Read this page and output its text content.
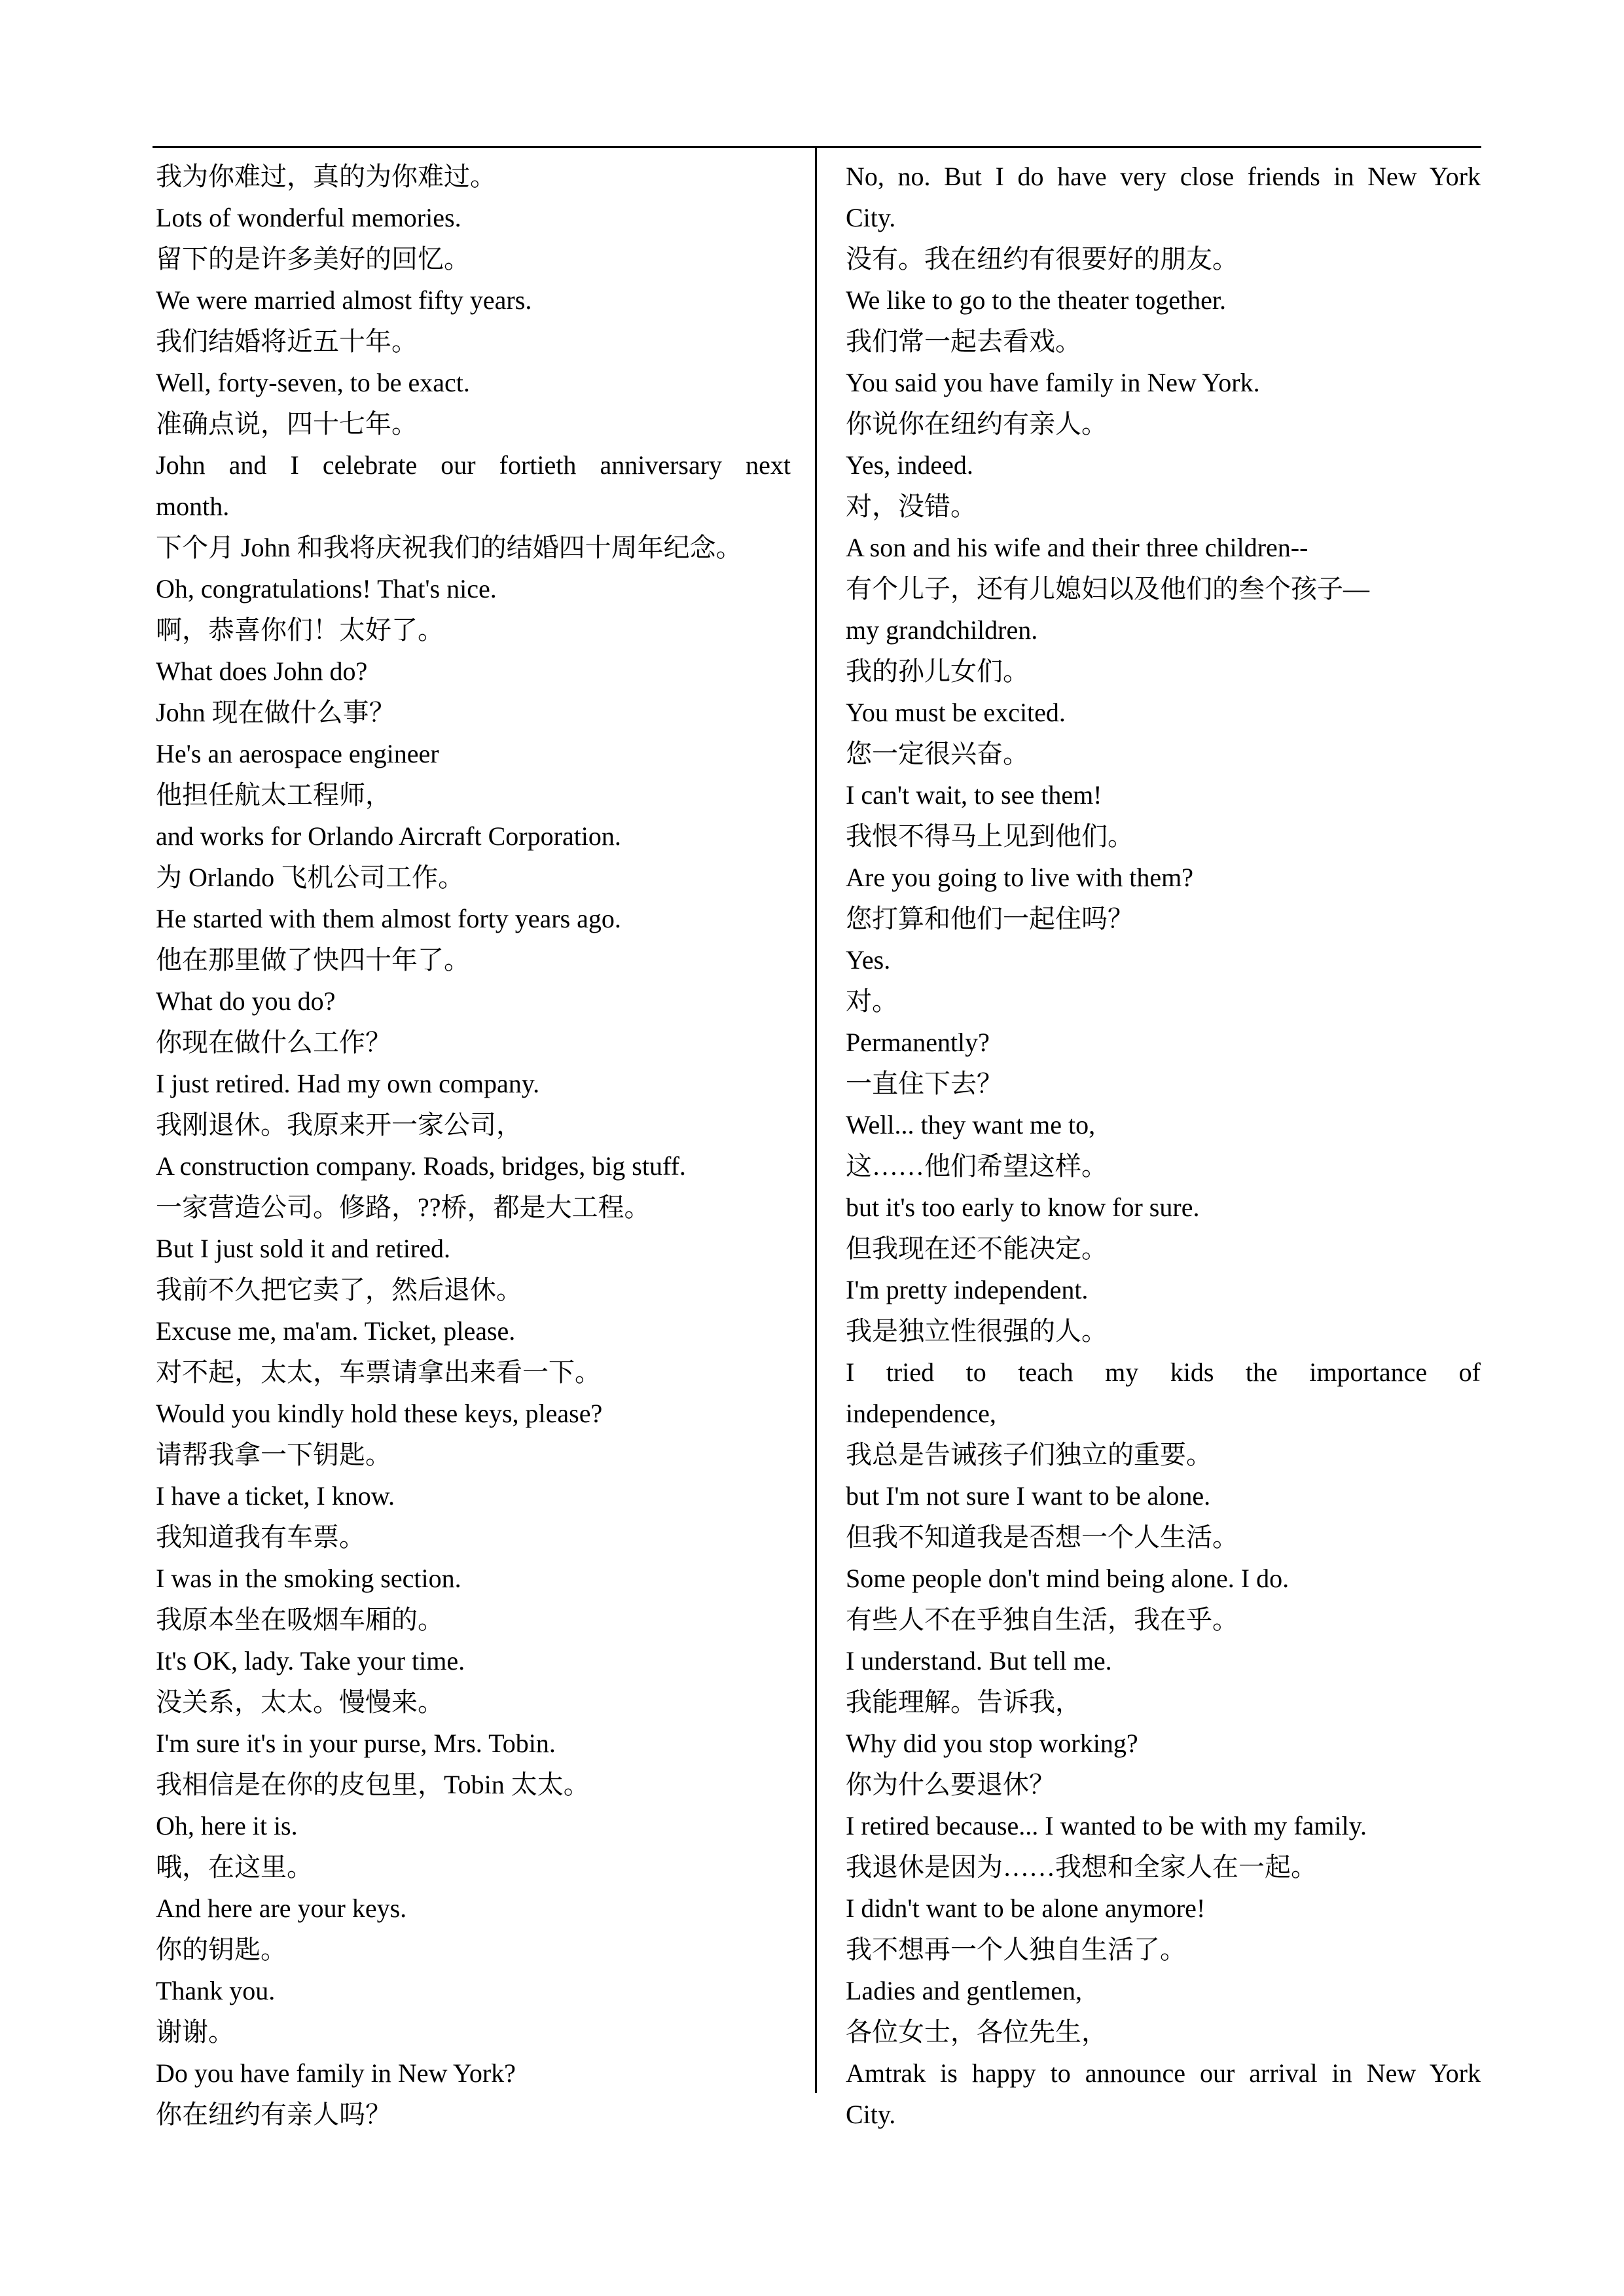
我为你难过，真的为你难过。
Lots of wonderful memories.
留下的是许多美好的回忆。
We were married almost fifty years.
我们结婚将近五十年。
Well, forty-seven, to be exact.
准确点说，四十七年。
John and I celebrate our fortieth anniversary next
month.
下个月 John 和我将庆祝我们的结婚四十周年纪念。
Oh, congratulations! That's nice.
啊，恭喜你们！太好了。
What does John do?
John 现在做什么事？
He's an aerospace engineer
他担任航太工程师，
and works for Orlando Aircraft Corporation.
为 Orlando 飞机公司工作。
He started with them almost forty years ago.
他在那里做了快四十年了。
What do you do?
你现在做什么工作？
I just retired. Had my own company.
我刚退休。我原来开一家公司，
A construction company. Roads, bridges, big stuff.
一家营造公司。修路，??桥，都是大工程。
But I just sold it and retired.
我前不久把它卖了，然后退休。
Excuse me, ma'am. Ticket, please.
对不起，太太，车票请拿出来看一下。
Would you kindly hold these keys, please?
请帮我拿一下钥匙。
I have a ticket, I know.
我知道我有车票。
I was in the smoking section.
我原本坐在吸烟车厢的。
It's OK, lady. Take your time.
没关系，太太。慢慢来。
I'm sure it's in your purse, Mrs. Tobin.
我相信是在你的皮包里，Tobin 太太。
Oh, here it is.
哦，在这里。
And here are your keys.
你的钥匙。
Thank you.
谢谢。
Do you have family in New York?
你在纽约有亲人吗？
No, no. But I do have very close friends in New York
City.
没有。我在纽约有很要好的朋友。
We like to go to the theater together.
我们常一起去看戏。
You said you have family in New York.
你说你在纽约有亲人。
Yes, indeed.
对，没错。
A son and his wife and their three children--
有个儿子，还有儿媳妇以及他们的叁个孩子—
my grandchildren.
我的孙儿女们。
You must be excited.
您一定很兴奋。
I can't wait, to see them!
我恨不得马上见到他们。
Are you going to live with them?
您打算和他们一起住吗？
Yes.
对。
Permanently?
一直住下去？
Well... they want me to,
这……他们希望这样。
but it's too early to know for sure.
但我现在还不能决定。
I'm pretty independent.
我是独立性很强的人。
I tried to teach my kids the importance of
independence,
我总是告诫孩子们独立的重要。
but I'm not sure I want to be alone.
但我不知道我是否想一个人生活。
Some people don't mind being alone. I do.
有些人不在乎独自生活，我在乎。
I understand. But tell me.
我能理解。告诉我，
Why did you stop working?
你为什么要退休？
I retired because... I wanted to be with my family.
我退休是因为……我想和全家人在一起。
I didn't want to be alone anymore!
我不想再一个人独自生活了。
Ladies and gentlemen,
各位女士，各位先生，
Amtrak is happy to announce our arrival in New York
City.
